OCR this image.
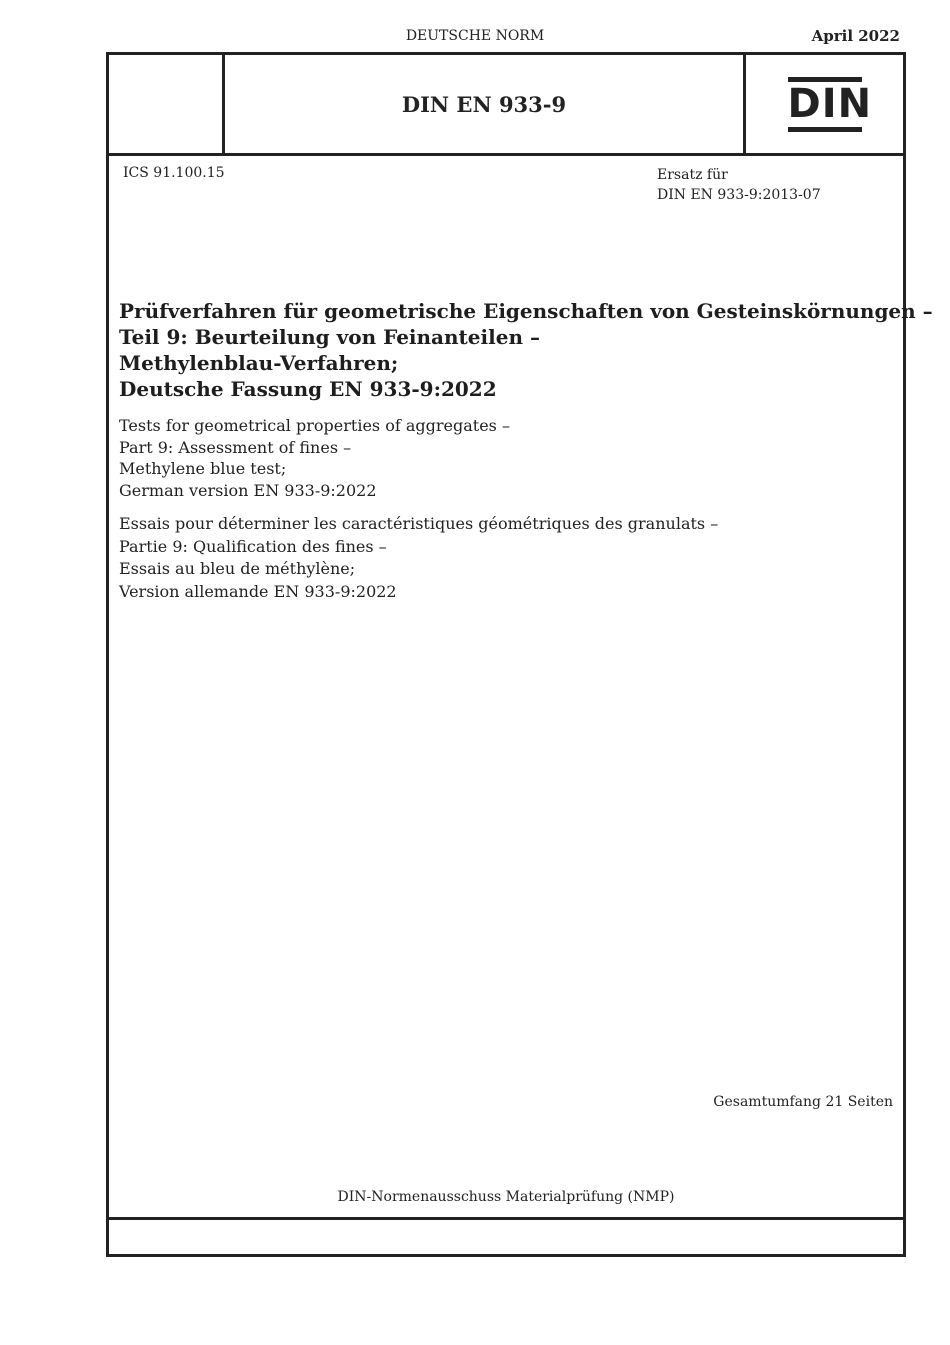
DEUTSCHE NORM	April 2022
DIN EN 933-9	DIN
ICS 91.100.15	Ersatz für
DIN EN 933-9:2013-07
Prüfverfahren für geometrische Eigenschaften von Gesteinskörnungen –
Teil 9: Beurteilung von Feinanteilen –
Methylenblau-Verfahren;
Deutsche Fassung EN 933-9:2022
Tests for geometrical properties of aggregates –
Part 9: Assessment of fines –
Methylene blue test;
German version EN 933-9:2022
Essais pour déterminer les caractéristiques géométriques des granulats –
Partie 9: Qualification des fines –
Essais au bleu de méthylène;
Version allemande EN 933-9:2022
Gesamtumfang 21 Seiten
DIN-Normenausschuss Materialprüfung (NMP)
